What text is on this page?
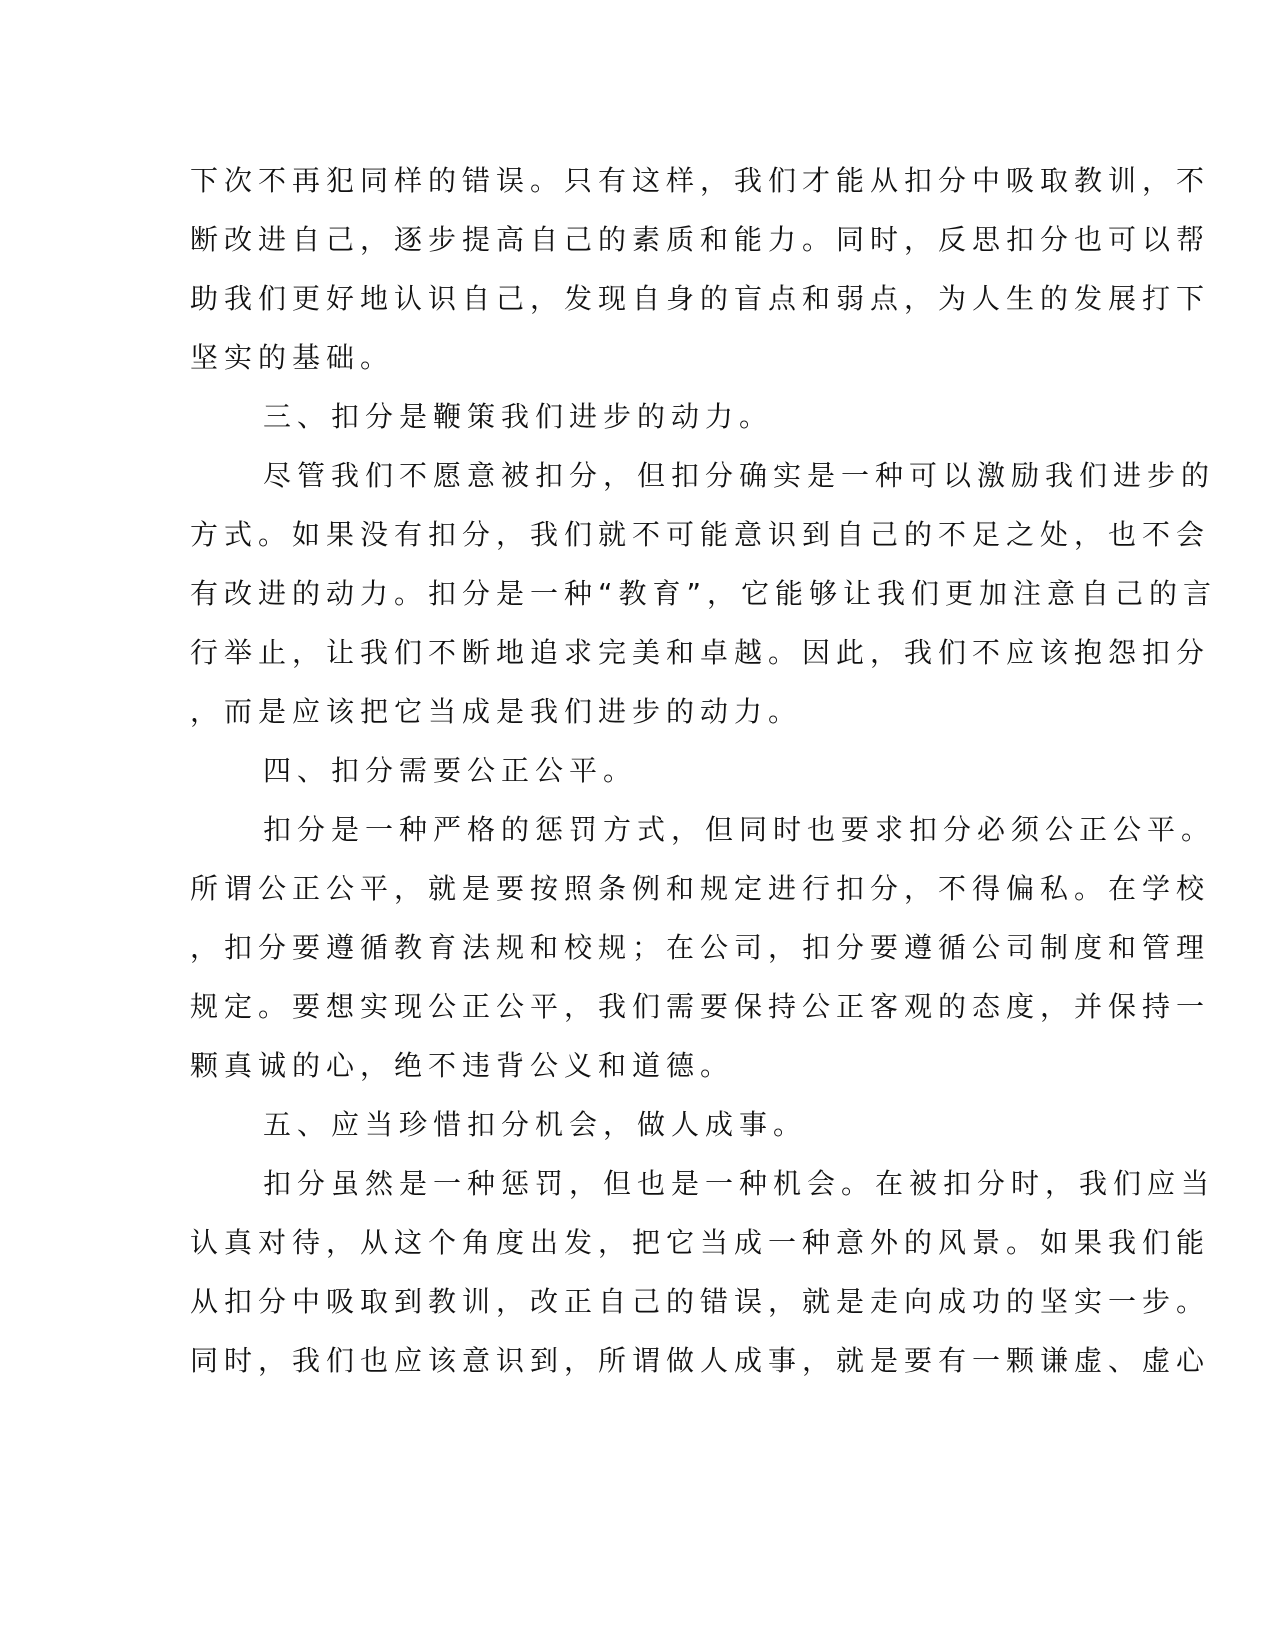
下次不再犯同样的错误。只有这样，我们才能从扣分中吸取教训，不
断改进自己，逐步提高自己的素质和能力。同时，反思扣分也可以帮
助我们更好地认识自己，发现自身的盲点和弱点，为人生的发展打下
坚实的基础。
三、扣分是鞭策我们进步的动力。
尽管我们不愿意被扣分，但扣分确实是一种可以激励我们进步的
方式。如果没有扣分，我们就不可能意识到自己的不足之处，也不会
有改进的动力。扣分是一种“教育”，它能够让我们更加注意自己的言
行举止，让我们不断地追求完美和卓越。因此，我们不应该抱怨扣分
，而是应该把它当成是我们进步的动力。
四、扣分需要公正公平。
扣分是一种严格的惩罚方式，但同时也要求扣分必须公正公平。
所谓公正公平，就是要按照条例和规定进行扣分，不得偏私。在学校
，扣分要遵循教育法规和校规；在公司，扣分要遵循公司制度和管理
规定。要想实现公正公平，我们需要保持公正客观的态度，并保持一
颗真诚的心，绝不违背公义和道德。
五、应当珍惜扣分机会，做人成事。
扣分虽然是一种惩罚，但也是一种机会。在被扣分时，我们应当
认真对待，从这个角度出发，把它当成一种意外的风景。如果我们能
从扣分中吸取到教训，改正自己的错误，就是走向成功的坚实一步。
同时，我们也应该意识到，所谓做人成事，就是要有一颗谦虚、虚心
